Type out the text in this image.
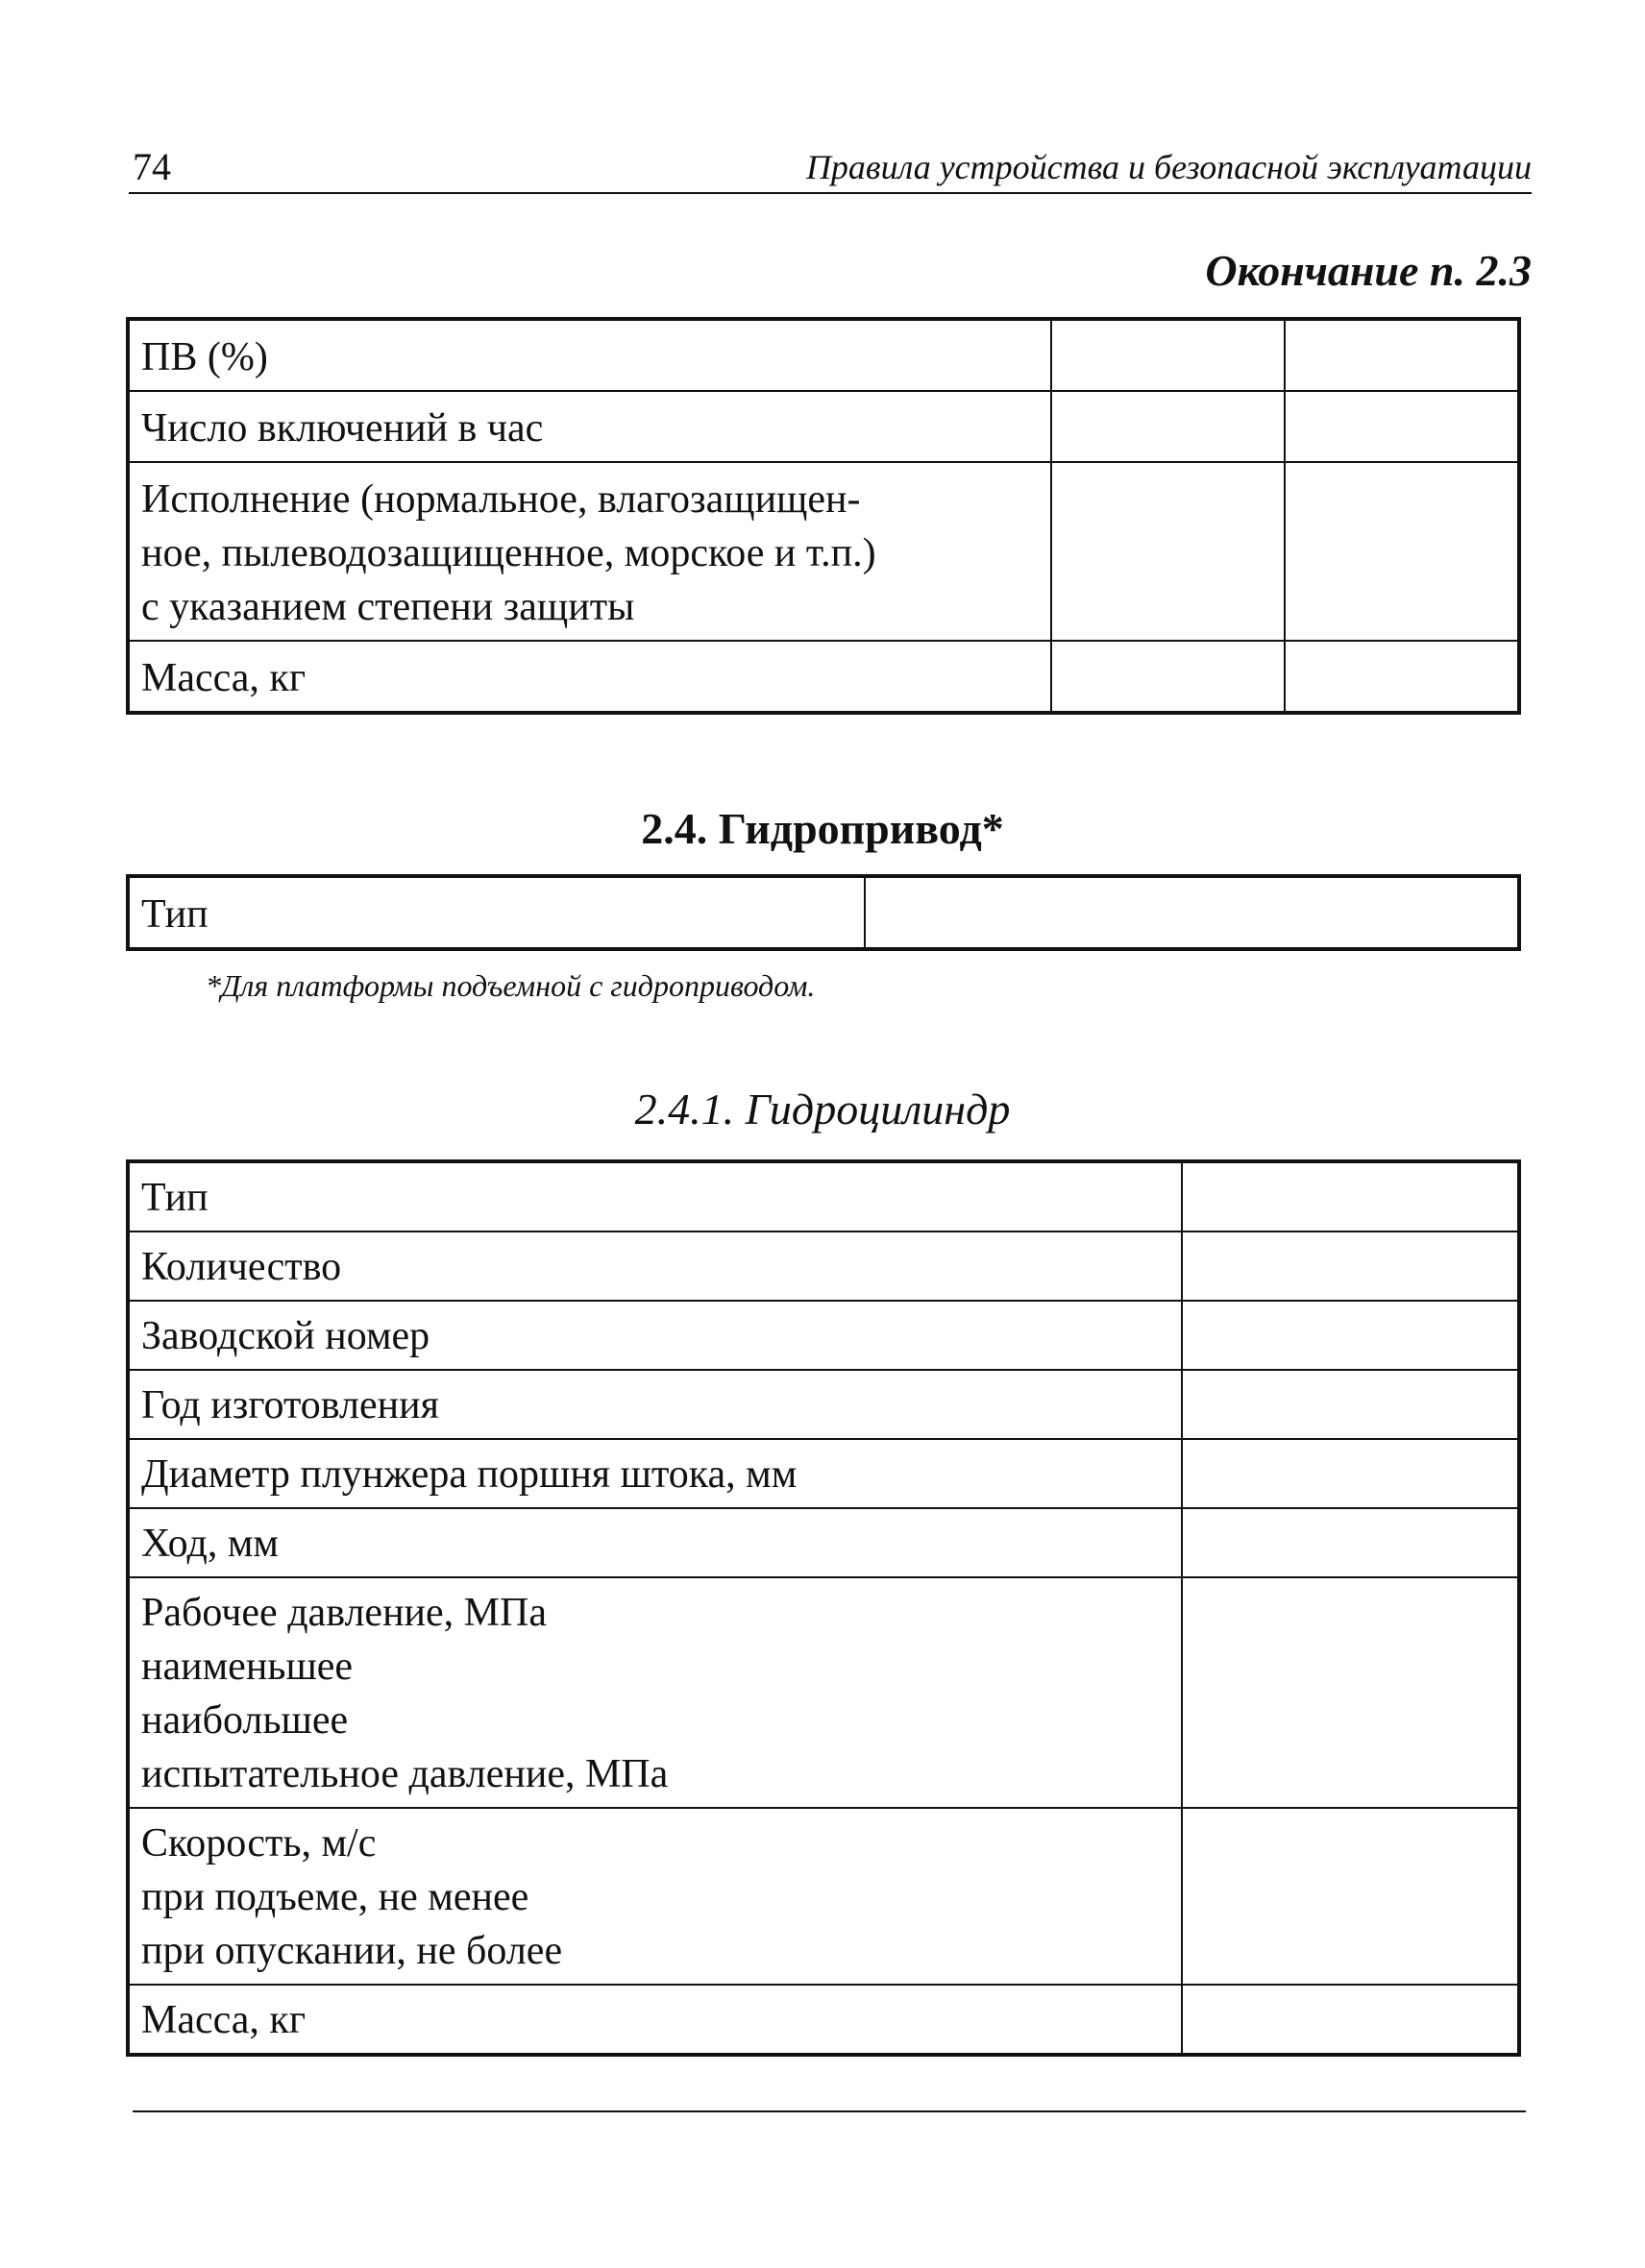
74	Правила устройства и безопасной эксплуатации
Окончание п. 2.3
ПВ (%)		

Число включений в час		

Исполнение (нормальное, влагозащищен-
ное, пылеводозащищенное, морское и т.п.)
с указанием степени защиты		

Масса, кг		

2.4. Гидропривод*
Тип

*Для платформы подъемной с гидроприводом.
2.4.1. Гидроцилиндр
Тип	

Количество	

Заводской номер	

Год изготовления	

Диаметр плунжера поршня штока, мм	

Ход, мм	

Рабочее давление, МПа
наименьшее
наибольшее
испытательное давление, МПа	

Скорость, м/с
при подъеме, не менее
при опускании, не более	

Масса, кг	
